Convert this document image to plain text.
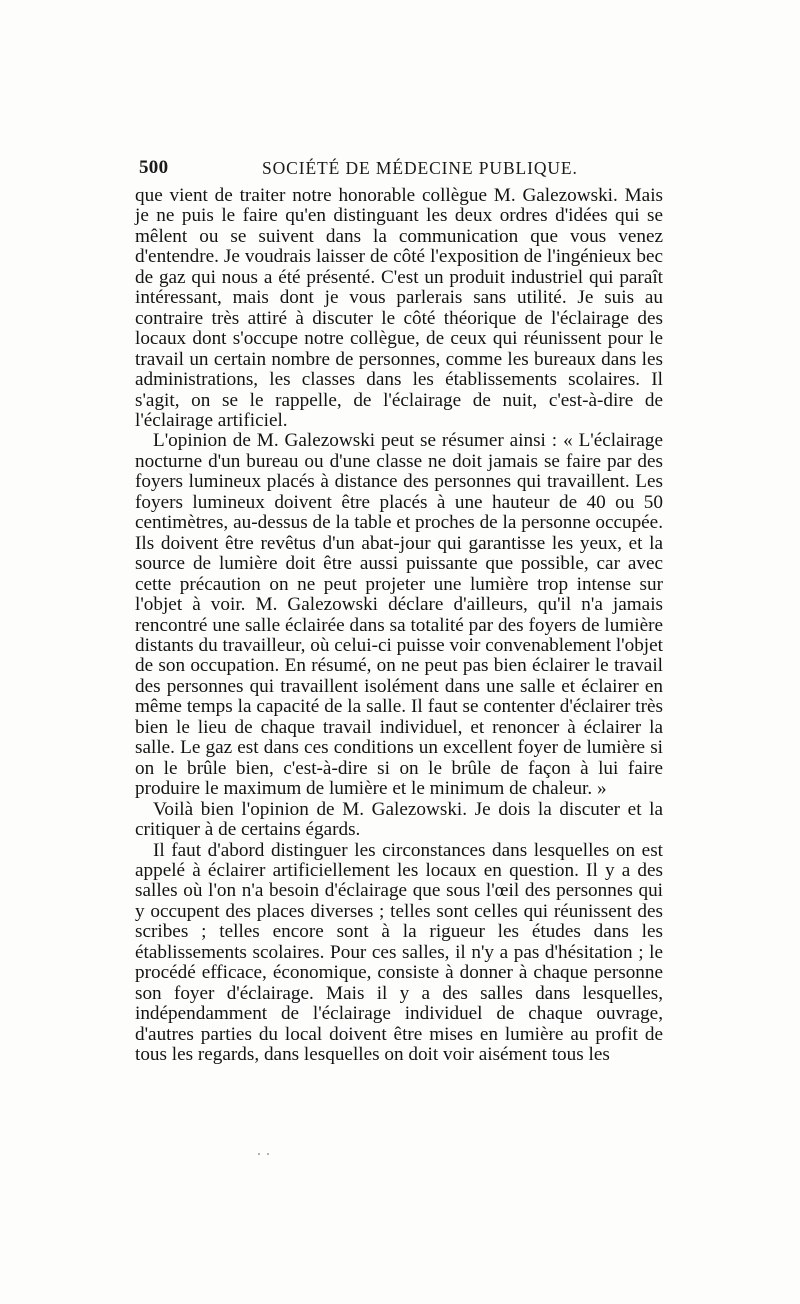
500	SOCIÉTÉ DE MÉDECINE PUBLIQUE.

que vient de traiter notre honorable collègue M. Galezowski. Mais je ne puis le faire qu'en distinguant les deux ordres d'idées qui se mêlent ou se suivent dans la communication que vous venez d'entendre. Je voudrais laisser de côté l'exposition de l'ingénieux bec de gaz qui nous a été présenté. C'est un produit industriel qui paraît intéressant, mais dont je vous parlerais sans utilité. Je suis au contraire très attiré à discuter le côté théorique de l'éclairage des locaux dont s'occupe notre collègue, de ceux qui réunissent pour le travail un certain nombre de personnes, comme les bureaux dans les administrations, les classes dans les établissements scolaires. Il s'agit, on se le rappelle, de l'éclairage de nuit, c'est-à-dire de l'éclairage artificiel.

L'opinion de M. Galezowski peut se résumer ainsi : « L'éclairage nocturne d'un bureau ou d'une classe ne doit jamais se faire par des foyers lumineux placés à distance des personnes qui travaillent. Les foyers lumineux doivent être placés à une hauteur de 40 ou 50 centimètres, au-dessus de la table et proches de la personne occupée. Ils doivent être revêtus d'un abat-jour qui garantisse les yeux, et la source de lumière doit être aussi puissante que possible, car avec cette précaution on ne peut projeter une lumière trop intense sur l'objet à voir. M. Galezowski déclare d'ailleurs, qu'il n'a jamais rencontré une salle éclairée dans sa totalité par des foyers de lumière distants du travailleur, où celui-ci puisse voir convenablement l'objet de son occupation. En résumé, on ne peut pas bien éclairer le travail des personnes qui travaillent isolément dans une salle et éclairer en même temps la capacité de la salle. Il faut se contenter d'éclairer très bien le lieu de chaque travail individuel, et renoncer à éclairer la salle. Le gaz est dans ces conditions un excellent foyer de lumière si on le brûle bien, c'est-à-dire si on le brûle de façon à lui faire produire le maximum de lumière et le minimum de chaleur. »

Voilà bien l'opinion de M. Galezowski. Je dois la discuter et la critiquer à de certains égards.

Il faut d'abord distinguer les circonstances dans lesquelles on est appelé à éclairer artificiellement les locaux en question. Il y a des salles où l'on n'a besoin d'éclairage que sous l'œil des personnes qui y occupent des places diverses ; telles sont celles qui réunissent des scribes ; telles encore sont à la rigueur les études dans les établissements scolaires. Pour ces salles, il n'y a pas d'hésitation ; le procédé efficace, économique, consiste à donner à chaque personne son foyer d'éclairage. Mais il y a des salles dans lesquelles, indépendamment de l'éclairage individuel de chaque ouvrage, d'autres parties du local doivent être mises en lumière au profit de tous les regards, dans lesquelles on doit voir aisément tous les
